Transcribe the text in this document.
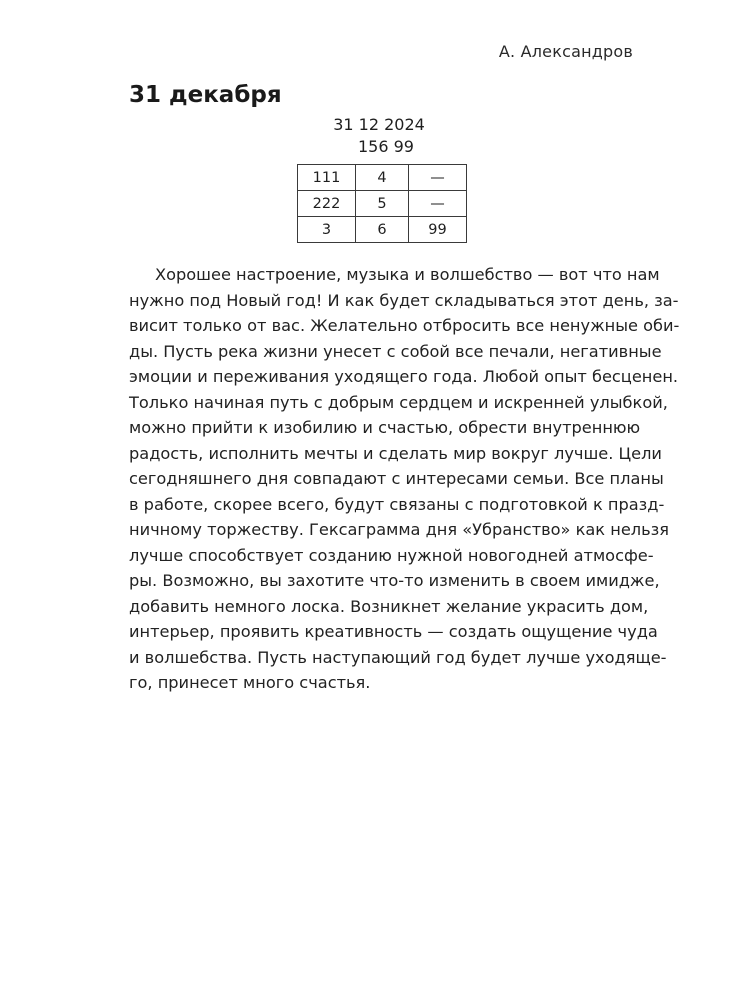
А. Александров
31 декабря
31 12 2024
156 99
111	4	—
222	5	—
3	6	99
Хорошее настроение, музыка и волшебство — вот что нам
нужно под Новый год! И как будет складываться этот день, за-
висит только от вас. Желательно отбросить все ненужные оби-
ды. Пусть река жизни унесет с собой все печали, негативные
эмоции и переживания уходящего года. Любой опыт бесценен.
Только начиная путь с добрым сердцем и искренней улыбкой,
можно прийти к изобилию и счастью, обрести внутреннюю
радость, исполнить мечты и сделать мир вокруг лучше. Цели
сегодняшнего дня совпадают с интересами семьи. Все планы
в работе, скорее всего, будут связаны с подготовкой к празд-
ничному торжеству. Гексаграмма дня «Убранство» как нельзя
лучше способствует созданию нужной новогодней атмосфе-
ры. Возможно, вы захотите что-то изменить в своем имидже,
добавить немного лоска. Возникнет желание украсить дом,
интерьер, проявить креативность — создать ощущение чуда
и волшебства. Пусть наступающий год будет лучше уходяще-
го, принесет много счастья.
